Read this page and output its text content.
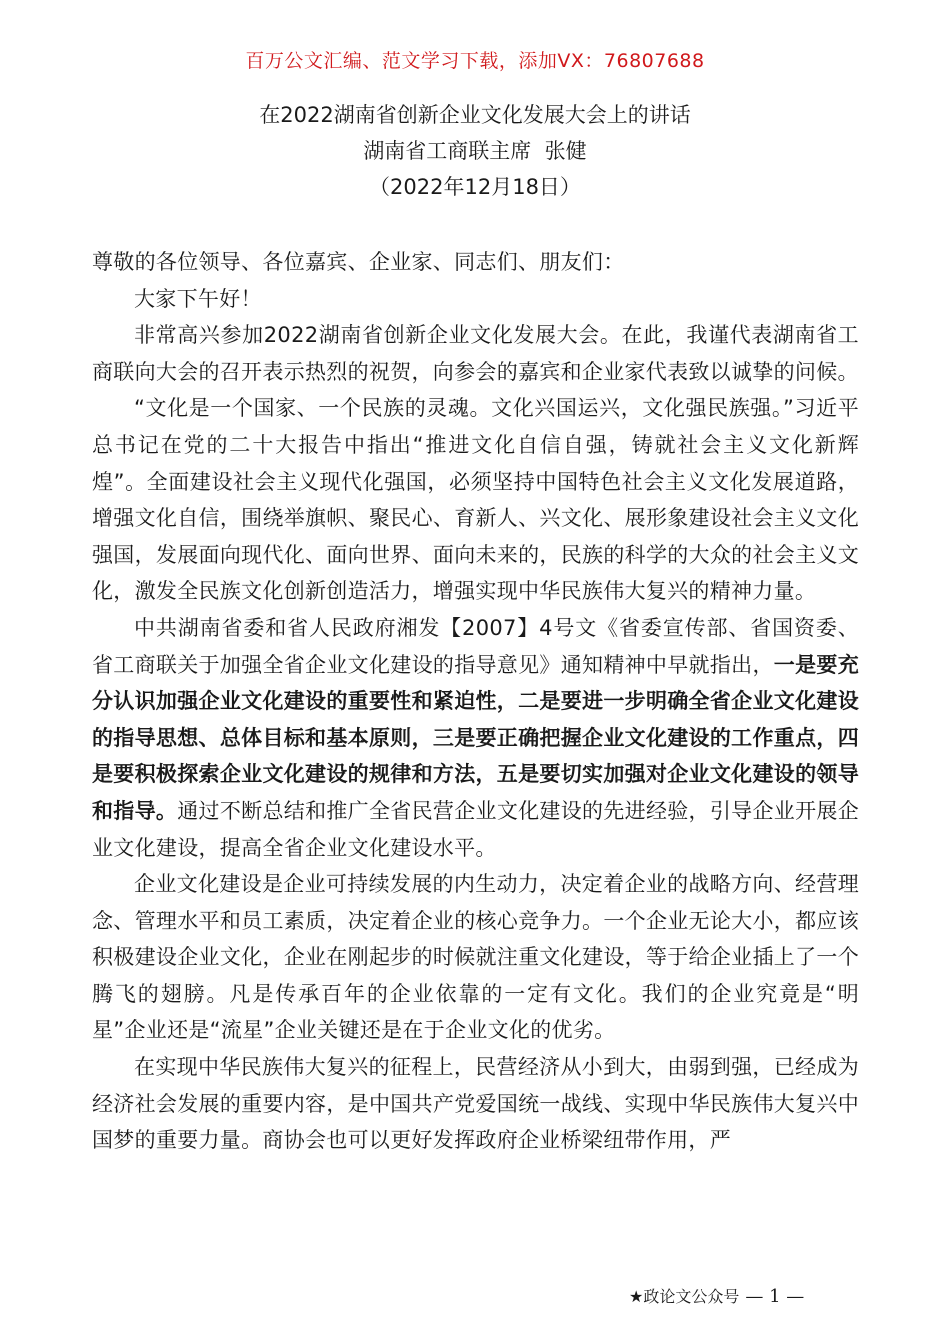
百万公文汇编、范文学习下载，添加VX：76807688
在2022湖南省创新企业文化发展大会上的讲话
湖南省工商联主席  张健
（2022年12月18日）

尊敬的各位领导、各位嘉宾、企业家、同志们、朋友们：

大家下午好！

非常高兴参加2022湖南省创新企业文化发展大会。在此，我谨代表湖南省工商联向大会的召开表示热烈的祝贺，向参会的嘉宾和企业家代表致以诚挚的问候。

“文化是一个国家、一个民族的灵魂。文化兴国运兴，文化强民族强。”习近平总书记在党的二十大报告中指出“推进文化自信自强，铸就社会主义文化新辉煌”。全面建设社会主义现代化强国，必须坚持中国特色社会主义文化发展道路，增强文化自信，围绕举旗帜、聚民心、育新人、兴文化、展形象建设社会主义文化强国，发展面向现代化、面向世界、面向未来的，民族的科学的大众的社会主义文化，激发全民族文化创新创造活力，增强实现中华民族伟大复兴的精神力量。

中共湖南省委和省人民政府湘发【2007】4号文《省委宣传部、省国资委、省工商联关于加强全省企业文化建设的指导意见》通知精神中早就指出，一是要充分认识加强企业文化建设的重要性和紧迫性，二是要进一步明确全省企业文化建设的指导思想、总体目标和基本原则，三是要正确把握企业文化建设的工作重点，四是要积极探索企业文化建设的规律和方法，五是要切实加强对企业文化建设的领导和指导。通过不断总结和推广全省民营企业文化建设的先进经验，引导企业开展企业文化建设，提高全省企业文化建设水平。

企业文化建设是企业可持续发展的内生动力，决定着企业的战略方向、经营理念、管理水平和员工素质，决定着企业的核心竞争力。一个企业无论大小，都应该积极建设企业文化，企业在刚起步的时候就注重文化建设，等于给企业插上了一个腾飞的翅膀。凡是传承百年的企业依靠的一定有文化。我们的企业究竟是“明星”企业还是“流星”企业关键还是在于企业文化的优劣。

在实现中华民族伟大复兴的征程上，民营经济从小到大，由弱到强，已经成为经济社会发展的重要内容，是中国共产党爱国统一战线、实现中华民族伟大复兴中国梦的重要力量。商协会也可以更好发挥政府企业桥梁纽带作用，严

★政论文公众号 — 1 —
